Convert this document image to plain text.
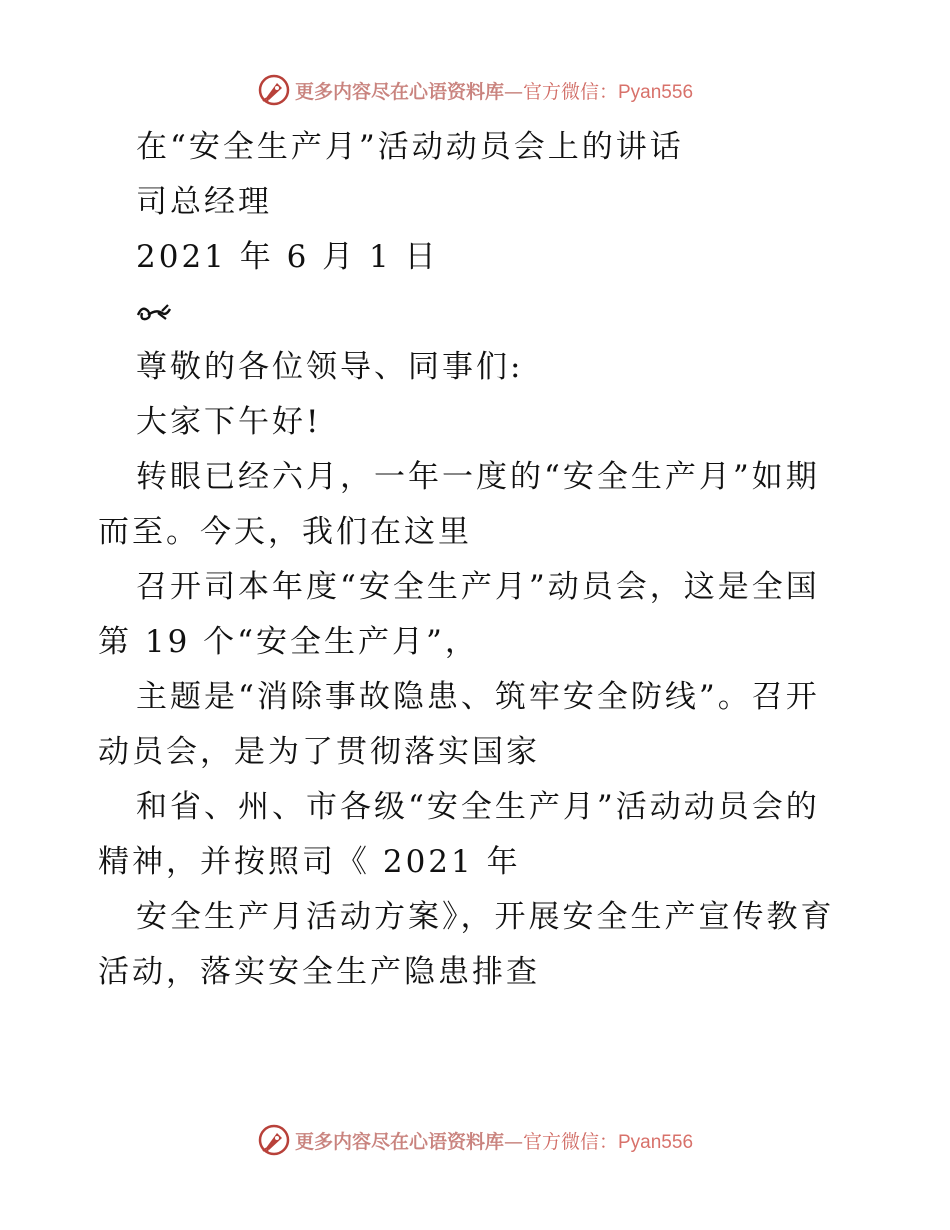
更多内容尽在心语资料库—官方微信：Pyan556
在“安全生产月”活动动员会上的讲话
司总经理
2021 年 6 月 1 日
尊敬的各位领导、同事们:
大家下午好!
转眼已经六月，一年一度的“安全生产月”如期
而至。今天，我们在这里
召开司本年度“安全生产月”动员会，这是全国
第 19 个“安全生产月”，
主题是“消除事故隐患、筑牢安全防线”。召开
动员会，是为了贯彻落实国家
和省、州、市各级“安全生产月”活动动员会的
精神，并按照司《 2021 年
安全生产月活动方案》，开展安全生产宣传教育
活动，落实安全生产隐患排查
更多内容尽在心语资料库—官方微信：Pyan556
